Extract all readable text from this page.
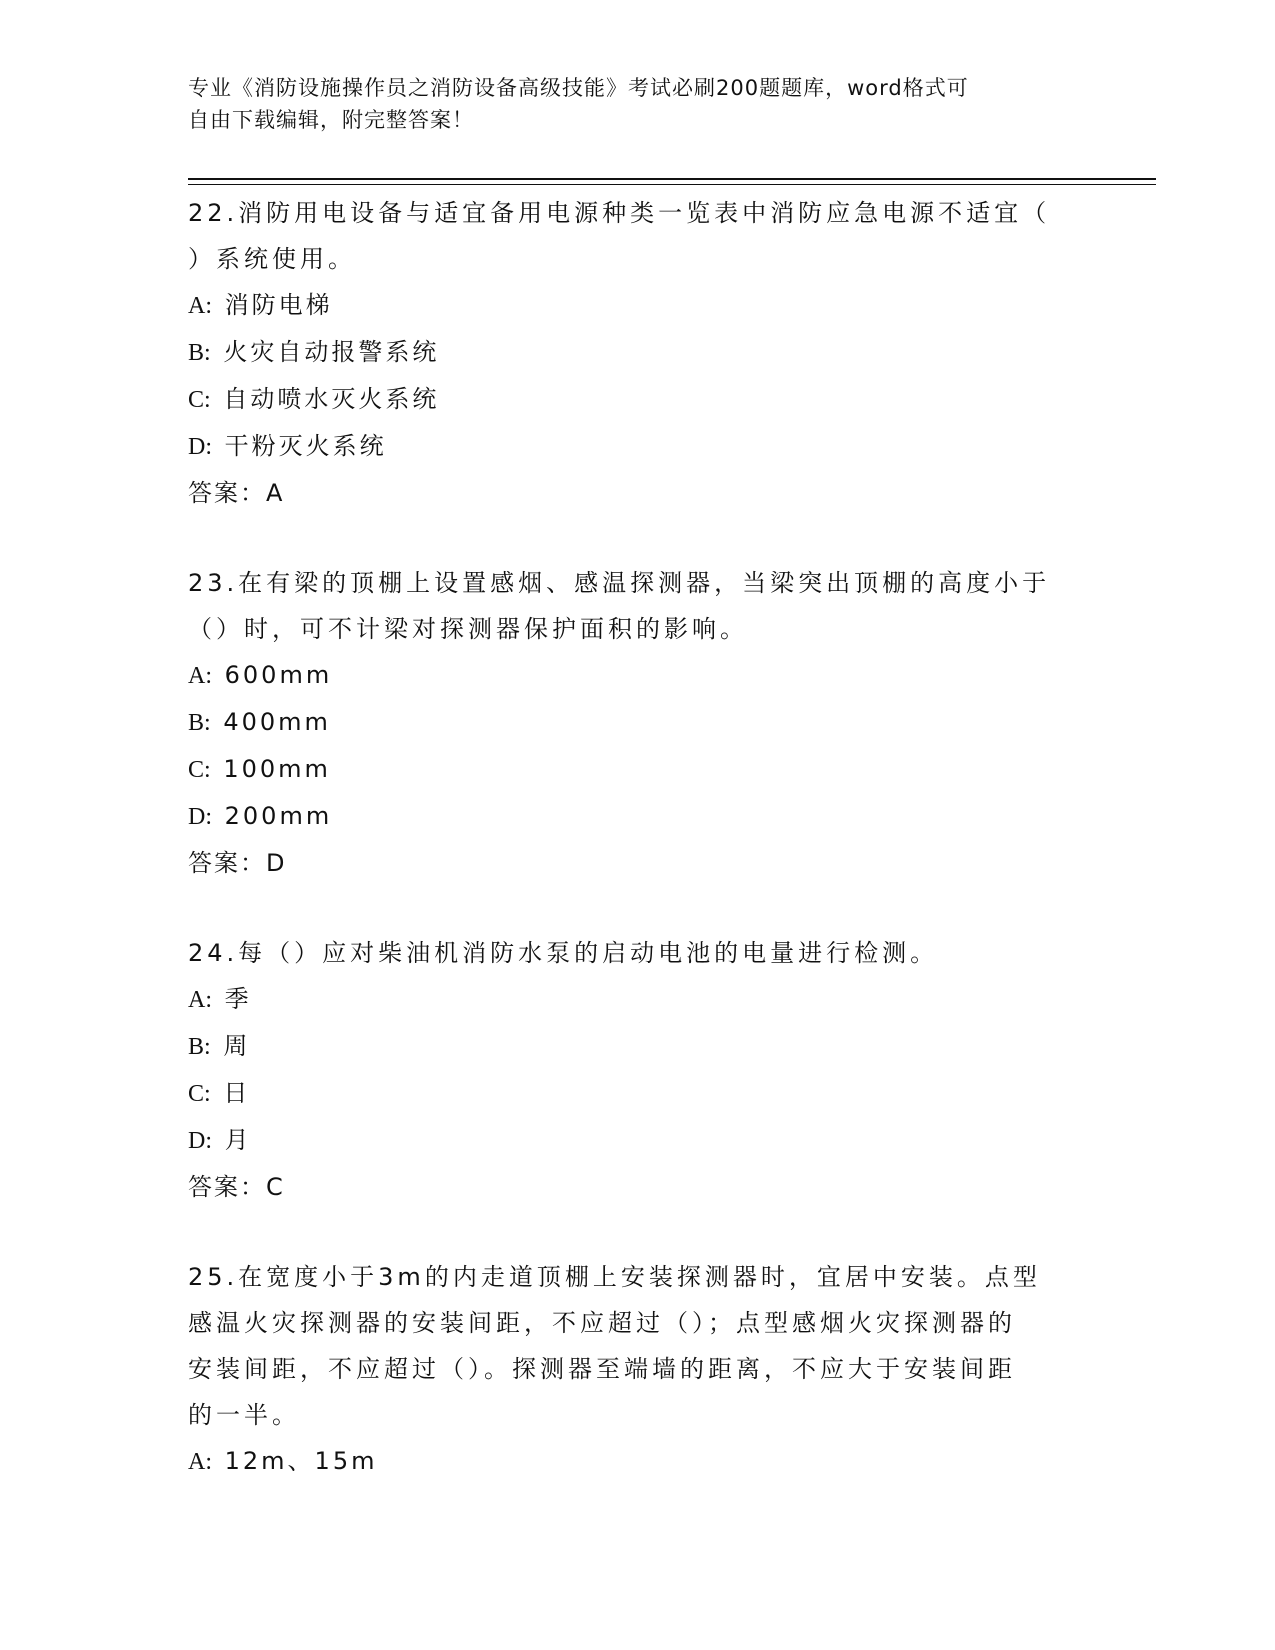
专业《消防设施操作员之消防设备高级技能》考试必刷200题题库，word格式可
自由下载编辑，附完整答案！
22.消防用电设备与适宜备用电源种类一览表中消防应急电源不适宜（
）系统使用。
A: 消防电梯
B: 火灾自动报警系统
C: 自动喷水灭火系统
D: 干粉灭火系统
答案：A
23.在有梁的顶棚上设置感烟、感温探测器，当梁突出顶棚的高度小于
（）时，可不计梁对探测器保护面积的影响。
A: 600mm
B: 400mm
C: 100mm
D: 200mm
答案：D
24.每（）应对柴油机消防水泵的启动电池的电量进行检测。
A: 季
B: 周
C: 日
D: 月
答案：C
25.在宽度小于3m的内走道顶棚上安装探测器时，宜居中安装。点型
感温火灾探测器的安装间距，不应超过（）；点型感烟火灾探测器的
安装间距，不应超过（）。探测器至端墙的距离，不应大于安装间距
的一半。
A: 12m、15m
